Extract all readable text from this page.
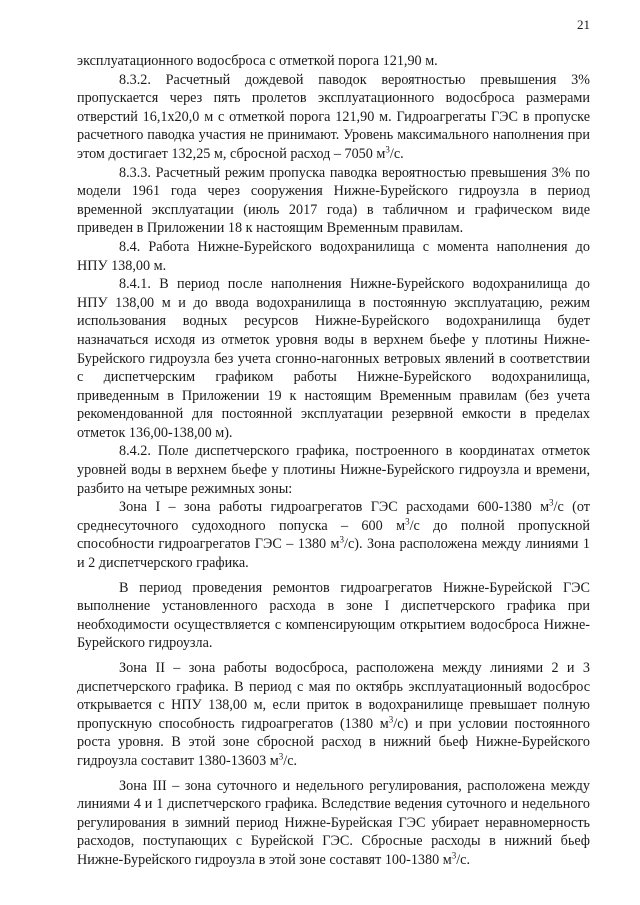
21

эксплуатационного водосброса с отметкой порога 121,90 м.

8.3.2. Расчетный дождевой паводок вероятностью превышения 3% пропускается через пять пролетов эксплуатационного водосброса размерами отверстий 16,1х20,0 м с отметкой порога 121,90 м. Гидроагрегаты ГЭС в пропуске расчетного паводка участия не принимают. Уровень максимального наполнения при этом достигает 132,25 м, сбросной расход – 7050 $м^3/с$.

8.3.3. Расчетный режим пропуска паводка вероятностью превышения 3% по модели 1961 года через сооружения Нижне-Бурейского гидроузла в период временной эксплуатации (июль 2017 года) в табличном и графическом виде приведен в Приложении 18 к настоящим Временным правилам.

8.4. Работа Нижне-Бурейского водохранилища с момента наполнения до НПУ 138,00 м.

8.4.1. В период после наполнения Нижне-Бурейского водохранилища до НПУ 138,00 м и до ввода водохранилища в постоянную эксплуатацию, режим использования водных ресурсов Нижне-Бурейского водохранилища будет назначаться исходя из отметок уровня воды в верхнем бьефе у плотины Нижне-Бурейского гидроузла без учета сгонно-нагонных ветровых явлений в соответствии с диспетчерским графиком работы Нижне-Бурейского водохранилища, приведенным в Приложении 19 к настоящим Временным правилам (без учета рекомендованной для постоянной эксплуатации резервной емкости в пределах отметок 136,00-138,00 м).

8.4.2. Поле диспетчерского графика, построенного в координатах отметок уровней воды в верхнем бьефе у плотины Нижне-Бурейского гидроузла и времени, разбито на четыре режимных зоны:

Зона I – зона работы гидроагрегатов ГЭС расходами 600-1380 $м^3/с$ (от среднесуточного судоходного попуска – 600 $м^3/с$ до полной пропускной способности гидроагрегатов ГЭС – 1380 $м^3/с$). Зона расположена между линиями 1 и 2 диспетчерского графика.

В период проведения ремонтов гидроагрегатов Нижне-Бурейской ГЭС выполнение установленного расхода в зоне I диспетчерского графика при необходимости осуществляется с компенсирующим открытием водосброса Нижне-Бурейского гидроузла.

Зона II – зона работы водосброса, расположена между линиями 2 и 3 диспетчерского графика. В период с мая по октябрь эксплуатационный водосброс открывается с НПУ 138,00 м, если приток в водохранилище превышает полную пропускную способность гидроагрегатов (1380 $м^3/с$) и при условии постоянного роста уровня. В этой зоне сбросной расход в нижний бьеф Нижне-Бурейского гидроузла составит 1380-13603 $м^3/с$.

Зона III – зона суточного и недельного регулирования, расположена между линиями 4 и 1 диспетчерского графика. Вследствие ведения суточного и недельного регулирования в зимний период Нижне-Бурейская ГЭС убирает неравномерность расходов, поступающих с Бурейской ГЭС. Сбросные расходы в нижний бьеф Нижне-Бурейского гидроузла в этой зоне составят 100-1380 $м^3/с$.
